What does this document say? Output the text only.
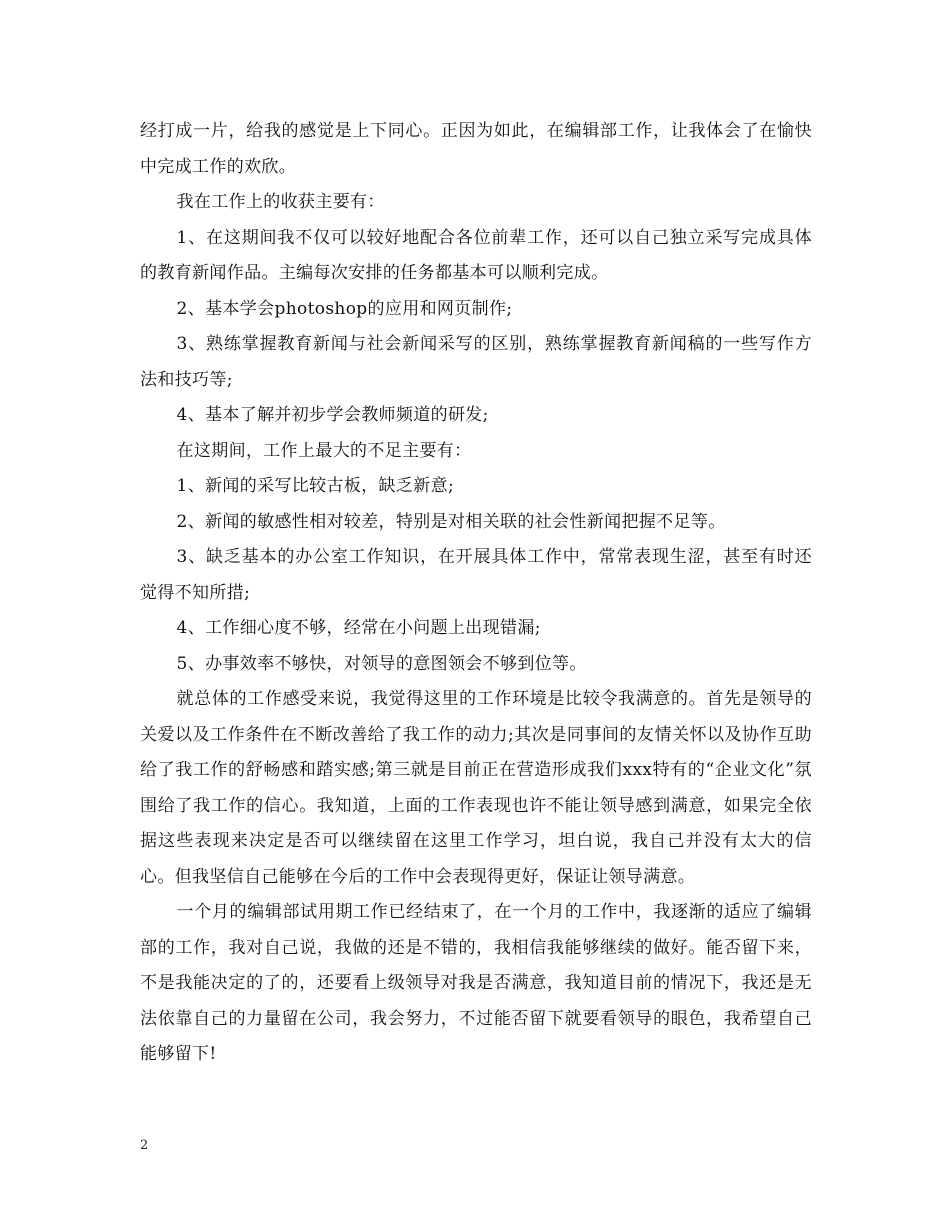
经打成一片，给我的感觉是上下同心。正因为如此，在编辑部工作，让我体会了在愉快中完成工作的欢欣。

我在工作上的收获主要有：

1、在这期间我不仅可以较好地配合各位前辈工作，还可以自己独立采写完成具体的教育新闻作品。主编每次安排的任务都基本可以顺利完成。

2、基本学会photoshop的应用和网页制作;

3、熟练掌握教育新闻与社会新闻采写的区别，熟练掌握教育新闻稿的一些写作方法和技巧等;

4、基本了解并初步学会教师频道的研发;

在这期间，工作上最大的不足主要有：

1、新闻的采写比较古板，缺乏新意;

2、新闻的敏感性相对较差，特别是对相关联的社会性新闻把握不足等。

3、缺乏基本的办公室工作知识，在开展具体工作中，常常表现生涩，甚至有时还觉得不知所措;

4、工作细心度不够，经常在小问题上出现错漏;

5、办事效率不够快，对领导的意图领会不够到位等。

就总体的工作感受来说，我觉得这里的工作环境是比较令我满意的。首先是领导的关爱以及工作条件在不断改善给了我工作的动力;其次是同事间的友情关怀以及协作互助给了我工作的舒畅感和踏实感;第三就是目前正在营造形成我们xxx特有的“企业文化”氛围给了我工作的信心。我知道，上面的工作表现也许不能让领导感到满意，如果完全依据这些表现来决定是否可以继续留在这里工作学习，坦白说，我自己并没有太大的信心。但我坚信自己能够在今后的工作中会表现得更好，保证让领导满意。

一个月的编辑部试用期工作已经结束了，在一个月的工作中，我逐渐的适应了编辑部的工作，我对自己说，我做的还是不错的，我相信我能够继续的做好。能否留下来，不是我能决定的了的，还要看上级领导对我是否满意，我知道目前的情况下，我还是无法依靠自己的力量留在公司，我会努力，不过能否留下就要看领导的眼色，我希望自己能够留下!

2
